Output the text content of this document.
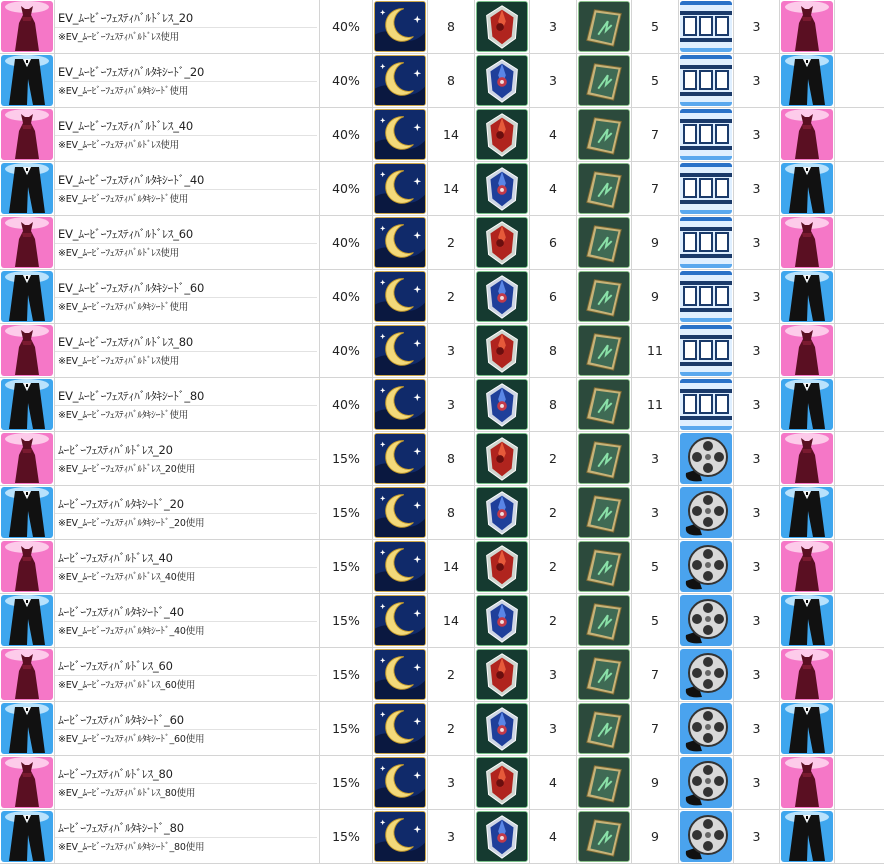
EV_ﾑｰﾋﾞｰﾌｪｽﾃｨﾊﾞﾙﾄﾞﾚｽ_20
※EV_ﾑｰﾋﾞｰﾌｪｽﾃｨﾊﾞﾙﾄﾞﾚｽ使用
40%	8	3	5	3
EV_ﾑｰﾋﾞｰﾌｪｽﾃｨﾊﾞﾙﾀｷｼｰﾄﾞ_20
※EV_ﾑｰﾋﾞｰﾌｪｽﾃｨﾊﾞﾙﾀｷｼｰﾄﾞ使用
40%	8	3	5	3
EV_ﾑｰﾋﾞｰﾌｪｽﾃｨﾊﾞﾙﾄﾞﾚｽ_40
※EV_ﾑｰﾋﾞｰﾌｪｽﾃｨﾊﾞﾙﾄﾞﾚｽ使用
40%	14	4	7	3
EV_ﾑｰﾋﾞｰﾌｪｽﾃｨﾊﾞﾙﾀｷｼｰﾄﾞ_40
※EV_ﾑｰﾋﾞｰﾌｪｽﾃｨﾊﾞﾙﾀｷｼｰﾄﾞ使用
40%	14	4	7	3
EV_ﾑｰﾋﾞｰﾌｪｽﾃｨﾊﾞﾙﾄﾞﾚｽ_60
※EV_ﾑｰﾋﾞｰﾌｪｽﾃｨﾊﾞﾙﾄﾞﾚｽ使用
40%	2	6	9	3
EV_ﾑｰﾋﾞｰﾌｪｽﾃｨﾊﾞﾙﾀｷｼｰﾄﾞ_60
※EV_ﾑｰﾋﾞｰﾌｪｽﾃｨﾊﾞﾙﾀｷｼｰﾄﾞ使用
40%	2	6	9	3
EV_ﾑｰﾋﾞｰﾌｪｽﾃｨﾊﾞﾙﾄﾞﾚｽ_80
※EV_ﾑｰﾋﾞｰﾌｪｽﾃｨﾊﾞﾙﾄﾞﾚｽ使用
40%	3	8	11	3
EV_ﾑｰﾋﾞｰﾌｪｽﾃｨﾊﾞﾙﾀｷｼｰﾄﾞ_80
※EV_ﾑｰﾋﾞｰﾌｪｽﾃｨﾊﾞﾙﾀｷｼｰﾄﾞ使用
40%	3	8	11	3
ﾑｰﾋﾞｰﾌｪｽﾃｨﾊﾞﾙﾄﾞﾚｽ_20
※EV_ﾑｰﾋﾞｰﾌｪｽﾃｨﾊﾞﾙﾄﾞﾚｽ_20使用
15%	8	2	3	3
ﾑｰﾋﾞｰﾌｪｽﾃｨﾊﾞﾙﾀｷｼｰﾄﾞ_20
※EV_ﾑｰﾋﾞｰﾌｪｽﾃｨﾊﾞﾙﾀｷｼｰﾄﾞ_20使用
15%	8	2	3	3
ﾑｰﾋﾞｰﾌｪｽﾃｨﾊﾞﾙﾄﾞﾚｽ_40
※EV_ﾑｰﾋﾞｰﾌｪｽﾃｨﾊﾞﾙﾄﾞﾚｽ_40使用
15%	14	2	5	3
ﾑｰﾋﾞｰﾌｪｽﾃｨﾊﾞﾙﾀｷｼｰﾄﾞ_40
※EV_ﾑｰﾋﾞｰﾌｪｽﾃｨﾊﾞﾙﾀｷｼｰﾄﾞ_40使用
15%	14	2	5	3
ﾑｰﾋﾞｰﾌｪｽﾃｨﾊﾞﾙﾄﾞﾚｽ_60
※EV_ﾑｰﾋﾞｰﾌｪｽﾃｨﾊﾞﾙﾄﾞﾚｽ_60使用
15%	2	3	7	3
ﾑｰﾋﾞｰﾌｪｽﾃｨﾊﾞﾙﾀｷｼｰﾄﾞ_60
※EV_ﾑｰﾋﾞｰﾌｪｽﾃｨﾊﾞﾙﾀｷｼｰﾄﾞ_60使用
15%	2	3	7	3
ﾑｰﾋﾞｰﾌｪｽﾃｨﾊﾞﾙﾄﾞﾚｽ_80
※EV_ﾑｰﾋﾞｰﾌｪｽﾃｨﾊﾞﾙﾄﾞﾚｽ_80使用
15%	3	4	9	3
ﾑｰﾋﾞｰﾌｪｽﾃｨﾊﾞﾙﾀｷｼｰﾄﾞ_80
※EV_ﾑｰﾋﾞｰﾌｪｽﾃｨﾊﾞﾙﾀｷｼｰﾄﾞ_80使用
15%	3	4	9	3
